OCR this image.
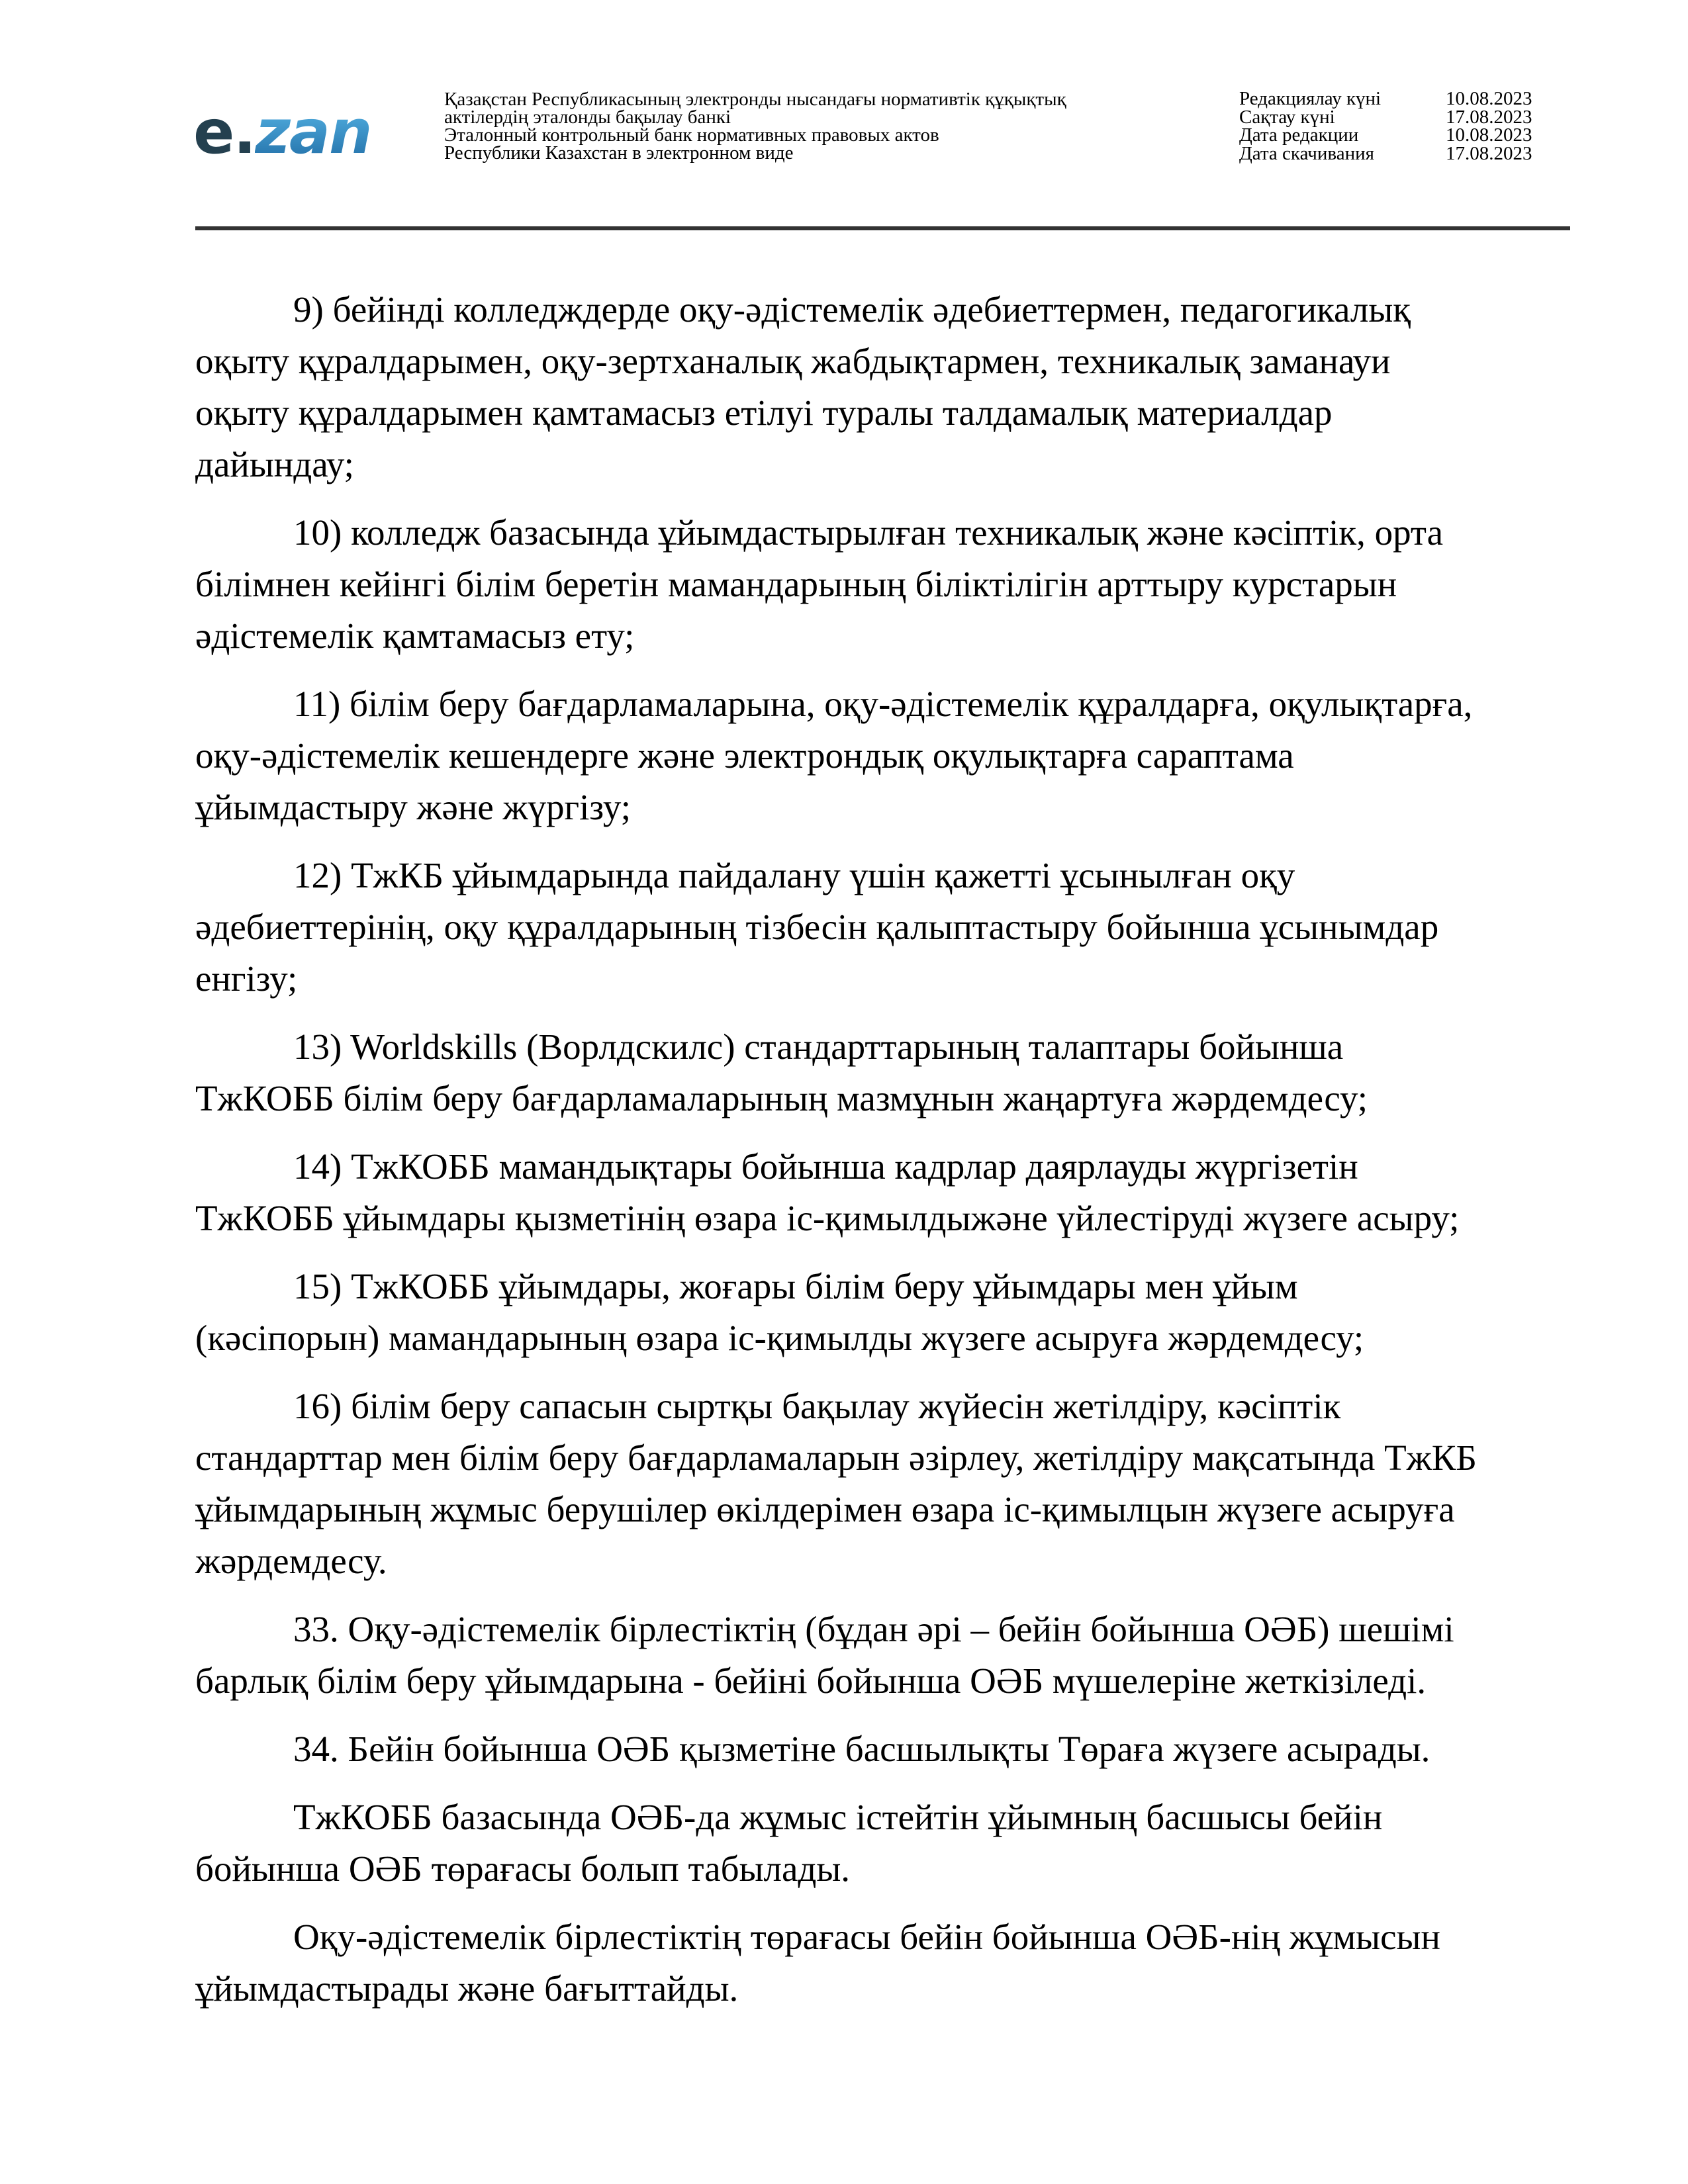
e.zan	Қазақстан Республикасының электронды нысандағы нормативтік құқықтық
актілердің эталонды бақылау банкі
Эталонный контрольный банк нормативных правовых актов
Республики Казахстан в электронном виде
Редакциялау күні	10.08.2023
Сақтау күні	17.08.2023
Дата редакции	10.08.2023
Дата скачивания	17.08.2023
9) бейінді колледждерде оқу-әдістемелік әдебиеттермен, педагогикалық
оқыту құралдарымен, оқу-зертханалық жабдықтармен, техникалық заманауи
оқыту құралдарымен қамтамасыз етілуі туралы талдамалық материалдар
дайындау;
10) колледж базасында ұйымдастырылған техникалық және кәсіптік, орта
білімнен кейінгі білім беретін мамандарының біліктілігін арттыру курстарын
әдістемелік қамтамасыз ету;
11) білім беру бағдарламаларына, оқу-әдістемелік құралдарға, оқулықтарға,
оқу-әдістемелік кешендерге және электрондық оқулықтарға сараптама
ұйымдастыру және жүргізу;
12) ТжКБ ұйымдарында пайдалану үшін қажетті ұсынылған оқу
әдебиеттерінің, оқу құралдарының тізбесін қалыптастыру бойынша ұсынымдар
енгізу;
13) Worldskills (Ворлдскилс) стандарттарының талаптары бойынша
ТжКОББ білім беру бағдарламаларының мазмұнын жаңартуға жәрдемдесу;
14) ТжКОББ мамандықтары бойынша кадрлар даярлауды жүргізетін
ТжКОББ ұйымдары қызметінің өзара іс-қимылдыжәне үйлестіруді жүзеге асыру;
15) ТжКОББ ұйымдары, жоғары білім беру ұйымдары мен ұйым
(кәсіпорын) мамандарының өзара іс-қимылды жүзеге асыруға жәрдемдесу;
16) білім беру сапасын сыртқы бақылау жүйесін жетілдіру, кәсіптік
стандарттар мен білім беру бағдарламаларын әзірлеу, жетілдіру мақсатында ТжКБ
ұйымдарының жұмыс берушілер өкілдерімен өзара іс-қимылцын жүзеге асыруға
жәрдемдесу.
33. Оқу-әдістемелік бірлестіктің (бұдан әрі – бейін бойынша ОӘБ) шешімі
барлық білім беру ұйымдарына - бейіні бойынша ОӘБ мүшелеріне жеткізіледі.
34. Бейін бойынша ОӘБ қызметіне басшылықты Төраға жүзеге асырады.
ТжКОББ базасында ОӘБ-да жұмыс істейтін ұйымның басшысы бейін
бойынша ОӘБ төрағасы болып табылады.
Оқу-әдістемелік бірлестіктің төрағасы бейін бойынша ОӘБ-нің жұмысын
ұйымдастырады және бағыттайды.
